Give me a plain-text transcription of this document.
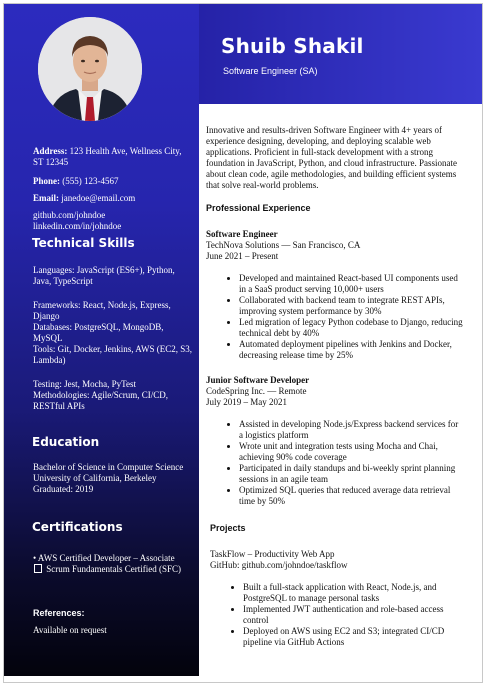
Address: 123 Health Ave, Wellness City, ST 12345
Phone: (555) 123-4567
Email: janedoe@email.com
github.com/johndoe
linkedin.com/in/johndoe
Technical Skills
Languages: JavaScript (ES6+), Python, Java, TypeScript
Frameworks: React, Node.js, Express, Django
Databases: PostgreSQL, MongoDB, MySQL
Tools: Git, Docker, Jenkins, AWS (EC2, S3, Lambda)
Testing: Jest, Mocha, PyTest
Methodologies: Agile/Scrum, CI/CD, RESTful APIs
Education
Bachelor of Science in Computer Science
University of California, Berkeley
Graduated: 2019
Certifications
• AWS Certified Developer – Associate
Scrum Fundamentals Certified (SFC)
References:
Available on request
Shuib Shakil
Software Engineer (SA)
Innovative and results-driven Software Engineer with 4+ years of experience designing, developing, and deploying scalable web applications. Proficient in full-stack development with a strong foundation in JavaScript, Python, and cloud infrastructure. Passionate about clean code, agile methodologies, and building efficient systems that solve real-world problems.
Professional Experience
Software Engineer
TechNova Solutions — San Francisco, CA
June 2021 – Present
• Developed and maintained React-based UI components used in a SaaS product serving 10,000+ users
• Collaborated with backend team to integrate REST APIs, improving system performance by 30%
• Led migration of legacy Python codebase to Django, reducing technical debt by 40%
• Automated deployment pipelines with Jenkins and Docker, decreasing release time by 25%
Junior Software Developer
CodeSpring Inc. — Remote
July 2019 – May 2021
• Assisted in developing Node.js/Express backend services for a logistics platform
• Wrote unit and integration tests using Mocha and Chai, achieving 90% code coverage
• Participated in daily standups and bi-weekly sprint planning sessions in an agile team
• Optimized SQL queries that reduced average data retrieval time by 50%
Projects
TaskFlow – Productivity Web App
GitHub: github.com/johndoe/taskflow
• Built a full-stack application with React, Node.js, and PostgreSQL to manage personal tasks
• Implemented JWT authentication and role-based access control
• Deployed on AWS using EC2 and S3; integrated CI/CD pipeline via GitHub Actions
